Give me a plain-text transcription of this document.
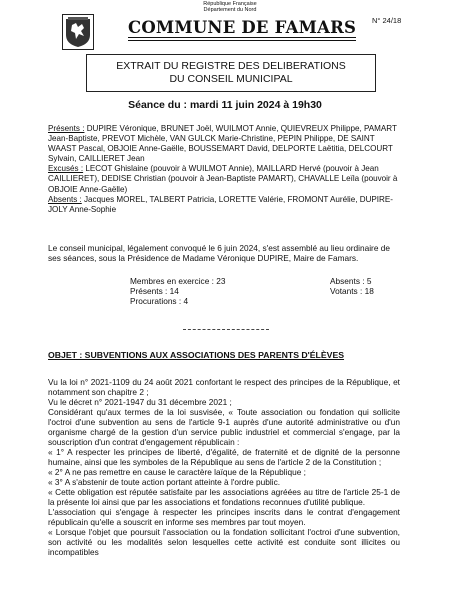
République Française
Département du Nord
COMMUNE DE FAMARS N° 24/18
EXTRAIT DU REGISTRE DES DELIBERATIONS
DU CONSEIL MUNICIPAL
Séance du : mardi 11 juin 2024 à 19h30
Présents : DUPIRE Véronique, BRUNET Joël, WUILMOT Annie, QUIEVREUX Philippe, PAMART Jean-Baptiste, PREVOT Michèle, VAN GULCK Marie-Christine, PEPIN Philippe, DE SAINT WAAST Pascal, OBJOIE Anne-Gaëlle, BOUSSEMART David, DELPORTE Laëtitia, DELCOURT Sylvain, CAILLIERET Jean
Excusés : LECOT Ghislaine (pouvoir à WUILMOT Annie), MAILLARD Hervé (pouvoir à Jean CAILLIERET), DEDISE Christian (pouvoir à Jean-Baptiste PAMART), CHAVALLE Leïla (pouvoir à OBJOIE Anne-Gaëlle)
Absents : Jacques MOREL, TALBERT Patricia, LORETTE Valérie, FROMONT Aurélie, DUPIRE-JOLY Anne-Sophie
Le conseil municipal, légalement convoqué le 6 juin 2024, s'est assemblé au lieu ordinaire de ses séances, sous la Présidence de Madame Véronique DUPIRE, Maire de Famars.
Membres en exercice : 23
Présents : 14
Procurations : 4
Absents : 5
Votants : 18
OBJET : SUBVENTIONS AUX ASSOCIATIONS DES PARENTS D'ÉLÈVES
Vu la loi n° 2021-1109 du 24 août 2021 confortant le respect des principes de la République, et notamment son chapitre 2 ;
Vu le décret n° 2021-1947 du 31 décembre 2021 ;
Considérant qu'aux termes de la loi susvisée, « Toute association ou fondation qui sollicite l'octroi d'une subvention au sens de l'article 9-1 auprès d'une autorité administrative ou d'un organisme chargé de la gestion d'un service public industriel et commercial s'engage, par la souscription d'un contrat d'engagement républicain :
« 1° A respecter les principes de liberté, d'égalité, de fraternité et de dignité de la personne humaine, ainsi que les symboles de la République au sens de l'article 2 de la Constitution ;
« 2° A ne pas remettre en cause le caractère laïque de la République ;
« 3° A s'abstenir de toute action portant atteinte à l'ordre public.
« Cette obligation est réputée satisfaite par les associations agréées au titre de l'article 25-1 de la présente loi ainsi que par les associations et fondations reconnues d'utilité publique.
L'association qui s'engage à respecter les principes inscrits dans le contrat d'engagement républicain qu'elle a souscrit en informe ses membres par tout moyen.
« Lorsque l'objet que poursuit l'association ou la fondation sollicitant l'octroi d'une subvention, son activité ou les modalités selon lesquelles cette activité est conduite sont illicites ou incompatibles
